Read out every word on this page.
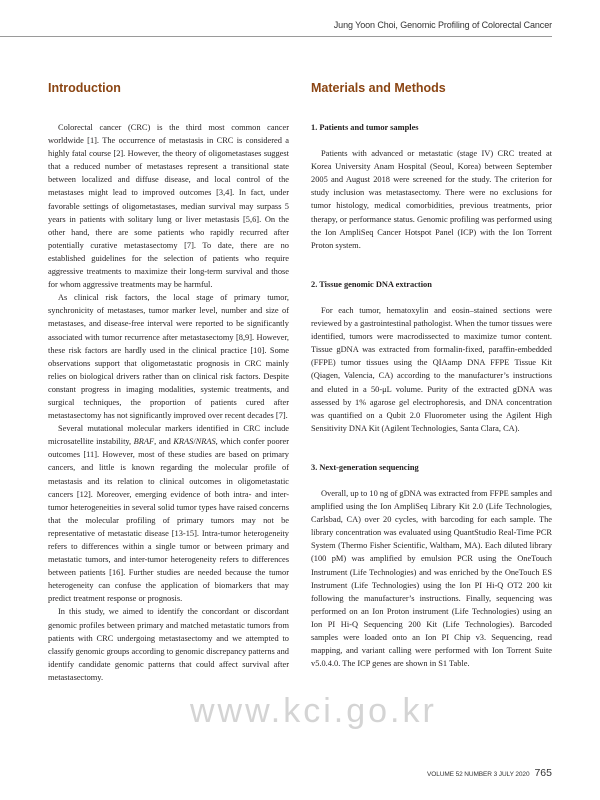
Jung Yoon Choi, Genomic Profiling of Colorectal Cancer
Introduction

Colorectal cancer (CRC) is the third most common cancer worldwide [1]. The occurrence of metastasis in CRC is considered a highly fatal course [2]. However, the theory of oligometastases suggest that a reduced number of metastases represent a transitional state between localized and diffuse disease, and local control of the metastases might lead to improved outcomes [3,4]. In fact, under favorable settings of oligometastases, median survival may surpass 5 years in patients with solitary lung or liver metastasis [5,6]. On the other hand, there are some patients who rapidly recurred after potentially curative metastasectomy [7]. To date, there are no established guidelines for the selection of patients who require aggressive treatments to maximize their long-term survival and those for whom aggressive treatments may be harmful.

As clinical risk factors, the local stage of primary tumor, synchronicity of metastases, tumor marker level, number and size of metastases, and disease-free interval were reported to be significantly associated with tumor recurrence after metastasectomy [8,9]. However, these risk factors are hardly used in the clinical practice [10]. Some observations support that oligometastatic prognosis in CRC mainly relies on biological drivers rather than on clinical risk factors. Despite constant progress in imaging modalities, systemic treatments, and surgical techniques, the proportion of patients cured after metastasectomy has not significantly improved over recent decades [7].

Several mutational molecular markers identified in CRC include microsatellite instability, BRAF, and KRAS/NRAS, which confer poorer outcomes [11]. However, most of these studies are based on primary cancers, and little is known regarding the molecular profile of metastasis and its relation to clinical outcomes in oligometastatic cancers [12]. Moreover, emerging evidence of both intra- and inter-tumor heterogeneities in several solid tumor types have raised concerns that the molecular profiling of primary tumors may not be representative of metastatic disease [13-15]. Intra-tumor heterogeneity refers to differences within a single tumor or between primary and metastatic tumors, and inter-tumor heterogeneity refers to differences between patients [16]. Further studies are needed because the tumor heterogeneity can confuse the application of biomarkers that may predict treatment response or prognosis.

In this study, we aimed to identify the concordant or discordant genomic profiles between primary and matched metastatic tumors from patients with CRC undergoing metastasectomy and we attempted to classify genomic groups according to genomic discrepancy patterns and identify candidate genomic patterns that could affect survival after metastasectomy.

Materials and Methods
1. Patients and tumor samples

Patients with advanced or metastatic (stage IV) CRC treated at Korea University Anam Hospital (Seoul, Korea) between September 2005 and August 2018 were screened for the study. The criterion for study inclusion was metastasectomy. There were no exclusions for tumor histology, medical comorbidities, previous treatments, prior therapy, or performance status. Genomic profiling was performed using the Ion AmpliSeq Cancer Hotspot Panel (ICP) with the Ion Torrent Proton system.

2. Tissue genomic DNA extraction

For each tumor, hematoxylin and eosin–stained sections were reviewed by a gastrointestinal pathologist. When the tumor tissues were identified, tumors were macrodissected to maximize tumor content. Tissue gDNA was extracted from formalin-fixed, paraffin-embedded (FFPE) tumor tissues using the QIAamp DNA FFPE Tissue Kit (Qiagen, Valencia, CA) according to the manufacturer’s instructions and eluted in a 50-μL volume. Purity of the extracted gDNA was assessed by 1% agarose gel electrophoresis, and DNA concentration was quantified on a Qubit 2.0 Fluorometer using the Agilent High Sensitivity DNA Kit (Agilent Technologies, Santa Clara, CA).

3. Next-generation sequencing

Overall, up to 10 ng of gDNA was extracted from FFPE samples and amplified using the Ion AmpliSeq Library Kit 2.0 (Life Technologies, Carlsbad, CA) over 20 cycles, with barcoding for each sample. The library concentration was evaluated using QuantStudio Real-Time PCR System (Thermo Fisher Scientific, Waltham, MA). Each diluted library (100 pM) was amplified by emulsion PCR using the OneTouch Instrument (Life Technologies) and was enriched by the OneTouch ES Instrument (Life Technologies) using the Ion PI Hi-Q OT2 200 kit following the manufacturer’s instructions. Finally, sequencing was performed on an Ion Proton instrument (Life Technologies) using an Ion PI Hi-Q Sequencing 200 Kit (Life Technologies). Barcoded samples were loaded onto an Ion PI Chip v3. Sequencing, read mapping, and variant calling were performed with Ion Torrent Suite v5.0.4.0. The ICP genes are shown in S1 Table.

www.kci.go.kr
VOLUME 52 NUMBER 3 JULY 2020 765
